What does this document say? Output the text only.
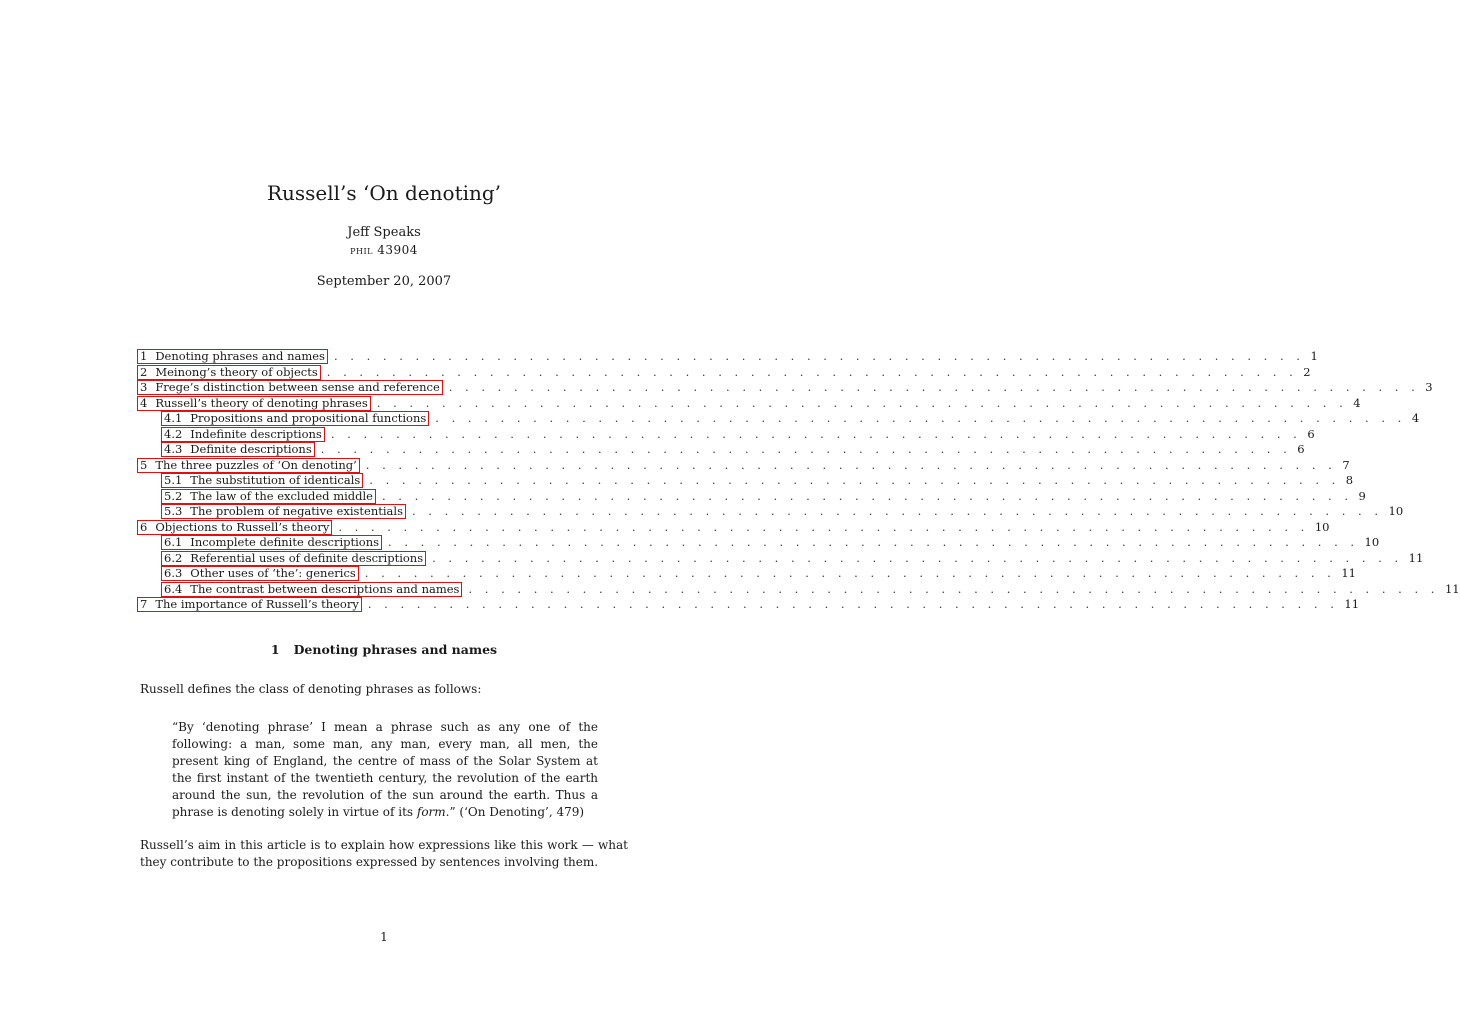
Russell’s ‘On denoting’
Jeff Speaks
phil 43904
September 20, 2007
1 Denoting phrases and names . . . . . . . . . . . . . . . . . . . . . . . . . . . . . . . . . . . . . . . . . . . . . . . . . . . . . . . . . . . . 1
2 Meinong’s theory of objects . . . . . . . . . . . . . . . . . . . . . . . . . . . . . . . . . . . . . . . . . . . . . . . . . . . . . . . . . . . . 2
3 Frege’s distinction between sense and reference . . . . . . . . . . . . . . . . . . . . . . . . . . . . . . . . . . . . . . . . . . . . . . . . . . . . . . . . . . . . 3
4 Russell’s theory of denoting phrases . . . . . . . . . . . . . . . . . . . . . . . . . . . . . . . . . . . . . . . . . . . . . . . . . . . . . . . . . . . . 4
4.1 Propositions and propositional functions . . . . . . . . . . . . . . . . . . . . . . . . . . . . . . . . . . . . . . . . . . . . . . . . . . . . . . . . . . . . 4
4.2 Indefinite descriptions . . . . . . . . . . . . . . . . . . . . . . . . . . . . . . . . . . . . . . . . . . . . . . . . . . . . . . . . . . . . 6
4.3 Definite descriptions . . . . . . . . . . . . . . . . . . . . . . . . . . . . . . . . . . . . . . . . . . . . . . . . . . . . . . . . . . . . 6
5 The three puzzles of ‘On denoting’ . . . . . . . . . . . . . . . . . . . . . . . . . . . . . . . . . . . . . . . . . . . . . . . . . . . . . . . . . . . . 7
5.1 The substitution of identicals . . . . . . . . . . . . . . . . . . . . . . . . . . . . . . . . . . . . . . . . . . . . . . . . . . . . . . . . . . . . 8
5.2 The law of the excluded middle . . . . . . . . . . . . . . . . . . . . . . . . . . . . . . . . . . . . . . . . . . . . . . . . . . . . . . . . . . . . 9
5.3 The problem of negative existentials . . . . . . . . . . . . . . . . . . . . . . . . . . . . . . . . . . . . . . . . . . . . . . . . . . . . . . . . . . . . 10
6 Objections to Russell’s theory . . . . . . . . . . . . . . . . . . . . . . . . . . . . . . . . . . . . . . . . . . . . . . . . . . . . . . . . . . . . 10
6.1 Incomplete definite descriptions . . . . . . . . . . . . . . . . . . . . . . . . . . . . . . . . . . . . . . . . . . . . . . . . . . . . . . . . . . . . 10
6.2 Referential uses of definite descriptions . . . . . . . . . . . . . . . . . . . . . . . . . . . . . . . . . . . . . . . . . . . . . . . . . . . . . . . . . . . . 11
6.3 Other uses of ‘the’: generics . . . . . . . . . . . . . . . . . . . . . . . . . . . . . . . . . . . . . . . . . . . . . . . . . . . . . . . . . . . . 11
6.4 The contrast between descriptions and names . . . . . . . . . . . . . . . . . . . . . . . . . . . . . . . . . . . . . . . . . . . . . . . . . . . . . . . . . . . . 11
7 The importance of Russell’s theory . . . . . . . . . . . . . . . . . . . . . . . . . . . . . . . . . . . . . . . . . . . . . . . . . . . . . . . . . . . . 11
1 Denoting phrases and names

Russell defines the class of denoting phrases as follows:

“By ‘denoting phrase’ I mean a phrase such as any one of the following: a man, some man, any man, every man, all men, the present king of England, the centre of mass of the Solar System at the first instant of the twentieth century, the revolution of the earth around the sun, the revolution of the sun around the earth. Thus a phrase is denoting solely in virtue of its form.” (‘On Denoting’, 479)

Russell’s aim in this article is to explain how expressions like this work — what they contribute to the propositions expressed by sentences involving them.

1
